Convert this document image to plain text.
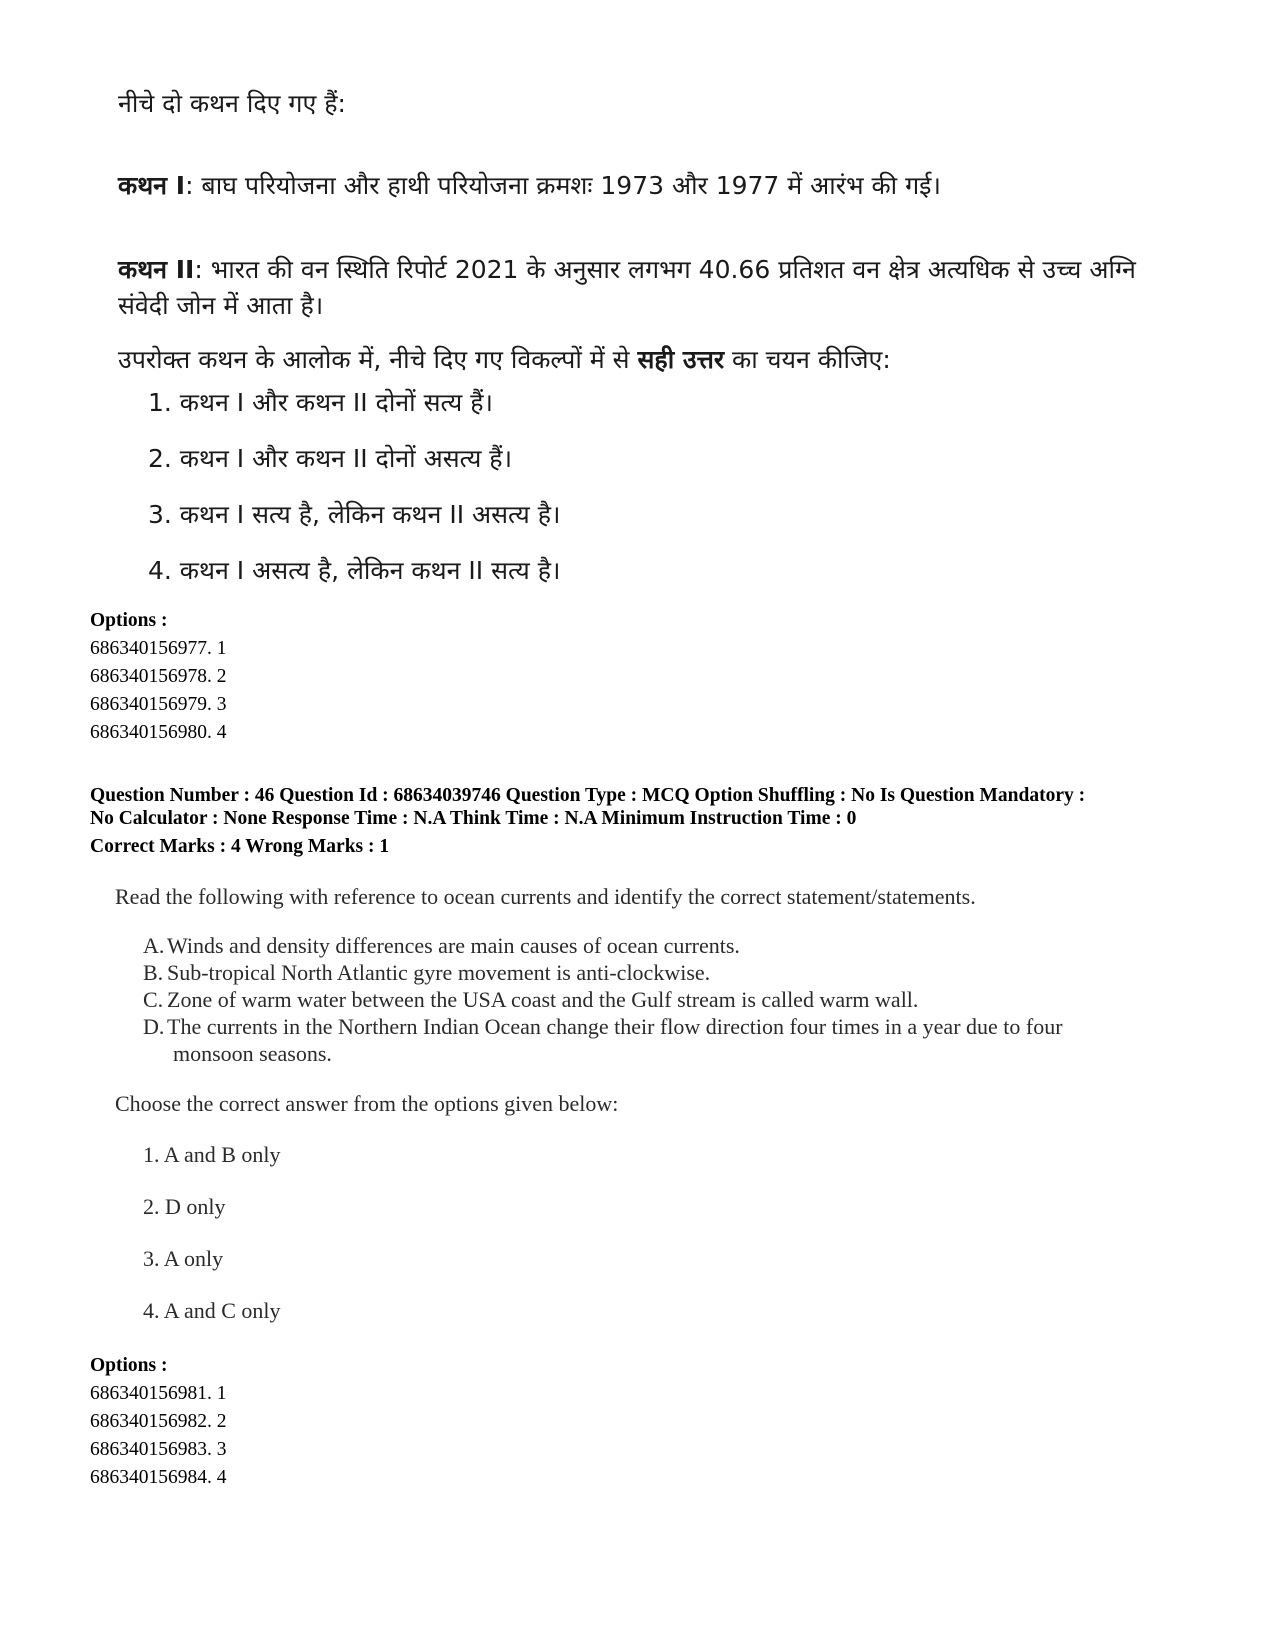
नीचे दो कथन दिए गए हैं:
कथन I: बाघ परियोजना और हाथी परियोजना क्रमशः 1973 और 1977 में आरंभ की गई।
कथन II: भारत की वन स्थिति रिपोर्ट 2021 के अनुसार लगभग 40.66 प्रतिशत वन क्षेत्र अत्यधिक से उच्च अग्नि संवेदी जोन में आता है।
उपरोक्त कथन के आलोक में, नीचे दिए गए विकल्पों में से सही उत्तर का चयन कीजिए:
1. कथन I और कथन II दोनों सत्य हैं।
2. कथन I और कथन II दोनों असत्य हैं।
3. कथन I सत्य है, लेकिन कथन II असत्य है।
4. कथन I असत्य है, लेकिन कथन II सत्य है।
Options :
686340156977. 1
686340156978. 2
686340156979. 3
686340156980. 4
Question Number : 46 Question Id : 68634039746 Question Type : MCQ Option Shuffling : No Is Question Mandatory :
No Calculator : None Response Time : N.A Think Time : N.A Minimum Instruction Time : 0
Correct Marks : 4 Wrong Marks : 1
Read the following with reference to ocean currents and identify the correct statement/statements.
A. Winds and density differences are main causes of ocean currents.
B. Sub-tropical North Atlantic gyre movement is anti-clockwise.
C. Zone of warm water between the USA coast and the Gulf stream is called warm wall.
D. The currents in the Northern Indian Ocean change their flow direction four times in a year due to four
monsoon seasons.
Choose the correct answer from the options given below:
1. A and B only
2. D only
3. A only
4. A and C only
Options :
686340156981. 1
686340156982. 2
686340156983. 3
686340156984. 4
